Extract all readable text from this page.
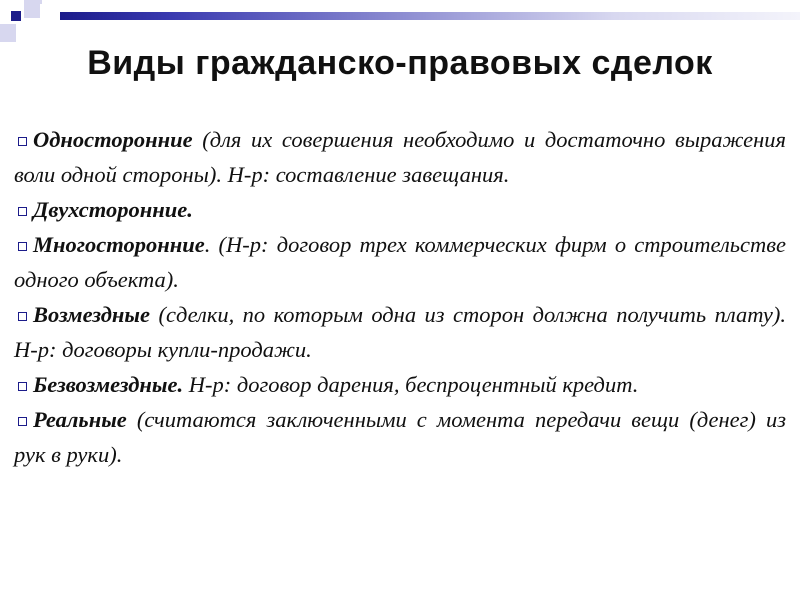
Виды гражданско-правовых сделок

Односторонние (для их совершения необходимо и достаточно выражения воли одной стороны). Н-р: составление завещания.

Двухсторонние.

Многосторонние. (Н-р: договор трех коммерческих фирм о строительстве одного объекта).

Возмездные (сделки, по которым одна из сторон должна получить плату). Н-р: договоры купли-продажи.

Безвозмездные. Н-р: договор дарения, беспроцентный кредит.

Реальные (считаются заключенными с момента передачи вещи (денег) из рук в руки).
